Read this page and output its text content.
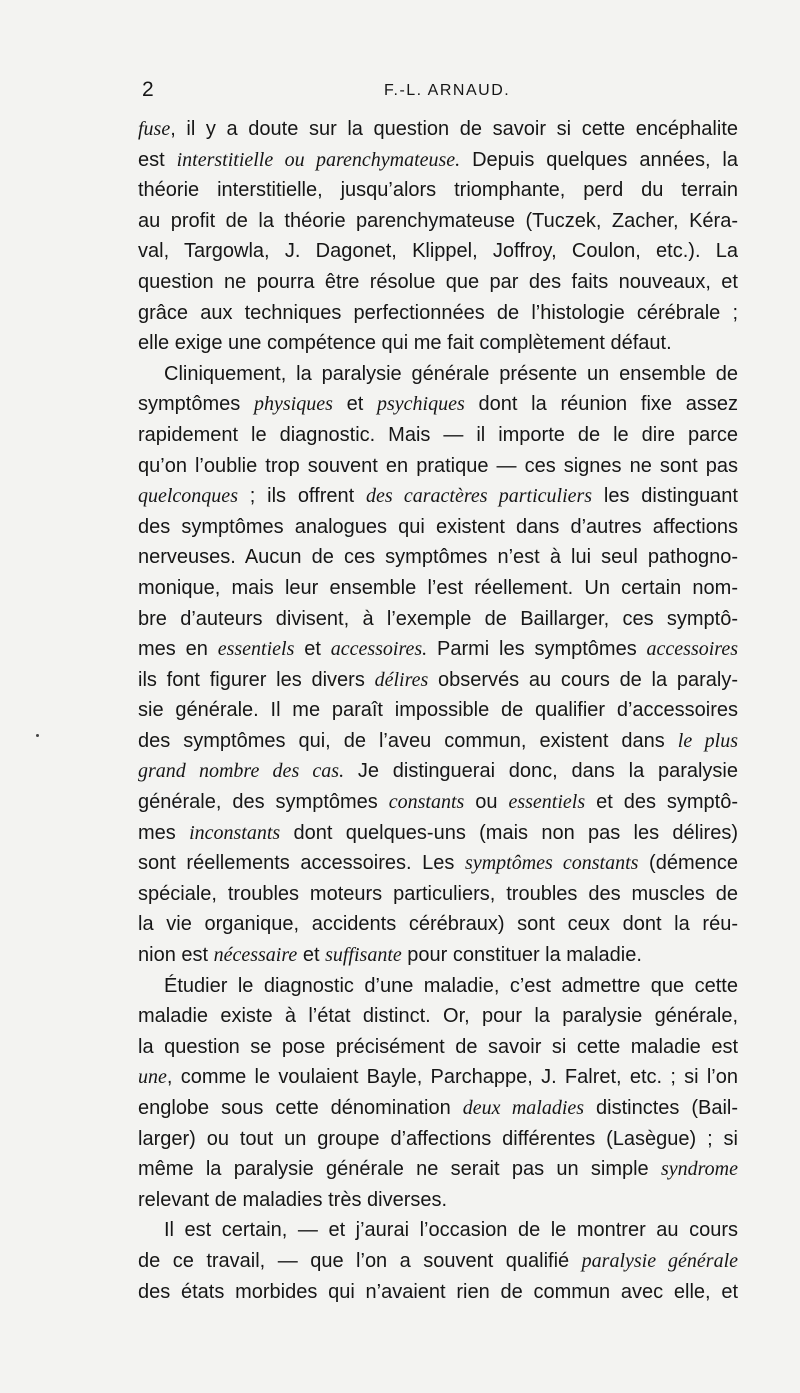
2	F.-L. ARNAUD.
fuse, il y a doute sur la question de savoir si cette encéphalite
est interstitielle ou parenchymateuse. Depuis quelques années, la
théorie interstitielle, jusqu’alors triomphante, perd du terrain
au profit de la théorie parenchymateuse (Tuczek, Zacher, Kéra-
val, Targowla, J. Dagonet, Klippel, Joffroy, Coulon, etc.). La
question ne pourra être résolue que par des faits nouveaux, et
grâce aux techniques perfectionnées de l’histologie cérébrale ;
elle exige une compétence qui me fait complètement défaut.
Cliniquement, la paralysie générale présente un ensemble de
symptômes physiques et psychiques dont la réunion fixe assez
rapidement le diagnostic. Mais — il importe de le dire parce
qu’on l’oublie trop souvent en pratique — ces signes ne sont pas
quelconques ; ils offrent des caractères particuliers les distinguant
des symptômes analogues qui existent dans d’autres affections
nerveuses. Aucun de ces symptômes n’est à lui seul pathogno-
monique, mais leur ensemble l’est réellement. Un certain nom-
bre d’auteurs divisent, à l’exemple de Baillarger, ces symptô-
mes en essentiels et accessoires. Parmi les symptômes accessoires
ils font figurer les divers délires observés au cours de la paraly-
sie générale. Il me paraît impossible de qualifier d’accessoires
des symptômes qui, de l’aveu commun, existent dans le plus
grand nombre des cas. Je distinguerai donc, dans la paralysie
générale, des symptômes constants ou essentiels et des symptô-
mes inconstants dont quelques-uns (mais non pas les délires)
sont réellements accessoires. Les symptômes constants (démence
spéciale, troubles moteurs particuliers, troubles des muscles de
la vie organique, accidents cérébraux) sont ceux dont la réu-
nion est nécessaire et suffisante pour constituer la maladie.
Étudier le diagnostic d’une maladie, c’est admettre que cette
maladie existe à l’état distinct. Or, pour la paralysie générale,
la question se pose précisément de savoir si cette maladie est
une, comme le voulaient Bayle, Parchappe, J. Falret, etc. ; si l’on
englobe sous cette dénomination deux maladies distinctes (Bail-
larger) ou tout un groupe d’affections différentes (Lasègue) ; si
même la paralysie générale ne serait pas un simple syndrome
relevant de maladies très diverses.
Il est certain, — et j’aurai l’occasion de le montrer au cours
de ce travail, — que l’on a souvent qualifié paralysie générale
des états morbides qui n’avaient rien de commun avec elle, et
